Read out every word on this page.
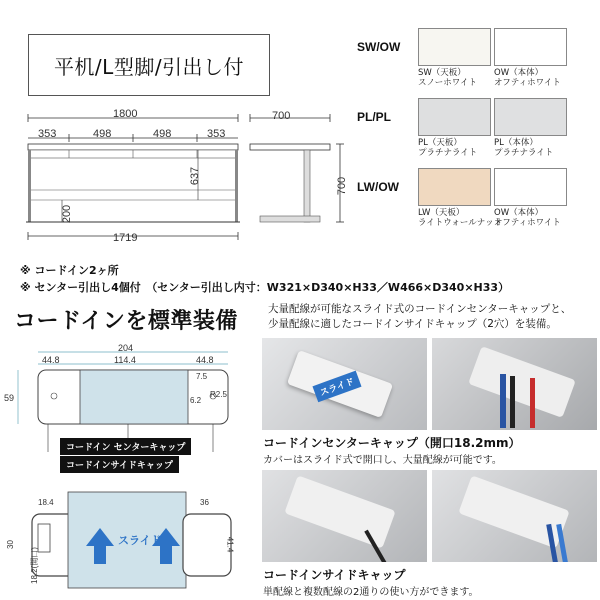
平机/L型脚/引出し付
1800
353	498	498	353
637
200
1719
700
700
SW/OW
SW（天板）
スノーホワイト
OW（本体）
オフティホワイト
PL/PL
PL（天板）
プラチナライト
PL（本体）
プラチナライト
LW/OW
LW（天板）
ライトウォールナット
OW（本体）
オフティホワイト
※ コードイン2ヶ所
※ センター引出し4個付　（センター引出し内寸：W321×D340×H33／W466×D340×H33）
コードインを標準装備	大量配線が可能なスライド式のコードインセンターキャップと、
少量配線に適したコードインサイドキャップ（2穴）を装備。
204
44.8	114.4	44.8
59
7.5
6.2
R2.5
コードイン センターキャップ
コードインサイドキャップ
18.4
30
18.2(開口)
36
41.4
スライド
スライド
コードインセンターキャップ（開口18.2mm）
カバーはスライド式で開口し、大量配線が可能です。
コードインサイドキャップ
単配線と複数配線の2通りの使い方ができます。
